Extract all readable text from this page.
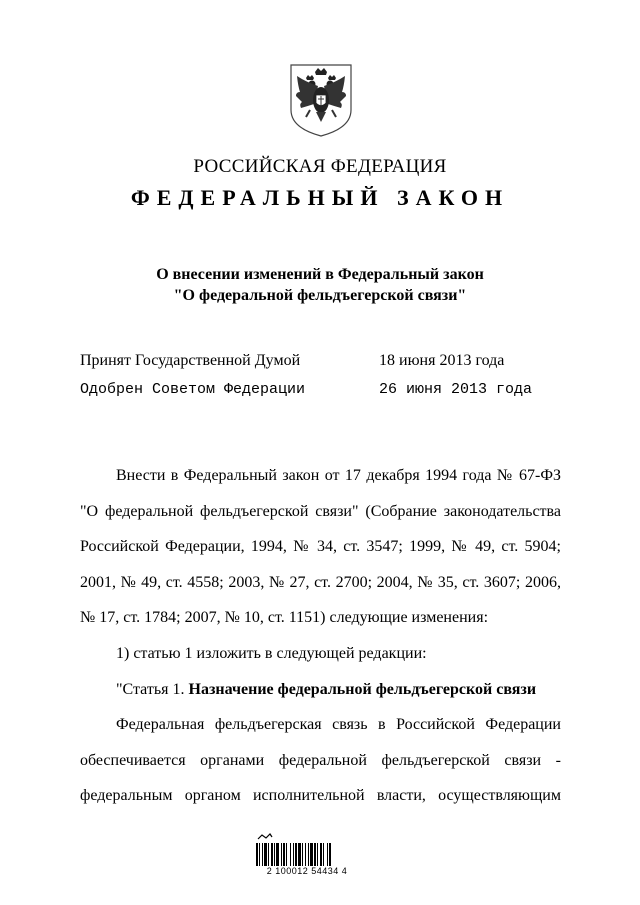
РОССИЙСКАЯ ФЕДЕРАЦИЯ
ФЕДЕРАЛЬНЫЙ ЗАКОН
О внесении изменений в Федеральный закон
"О федеральной фельдъегерской связи"
Принят Государственной Думой	18 июня 2013 года
Одобрен Советом Федерации	26 июня 2013 года

Внести в Федеральный закон от 17 декабря 1994 года № 67-ФЗ "О федеральной фельдъегерской связи" (Собрание законодательства Российской Федерации, 1994, № 34, ст. 3547; 1999, № 49, ст. 5904; 2001, № 49, ст. 4558; 2003, № 27, ст. 2700; 2004, № 35, ст. 3607; 2006, № 17, ст. 1784; 2007, № 10, ст. 1151) следующие изменения:

1) статью 1 изложить в следующей редакции:

"Статья 1. Назначение федеральной фельдъегерской связи

Федеральная фельдъегерская связь в Российской Федерации обеспечивается органами федеральной фельдъегерской связи - федеральным органом исполнительной власти, осуществляющим

2 100012 54434 4
